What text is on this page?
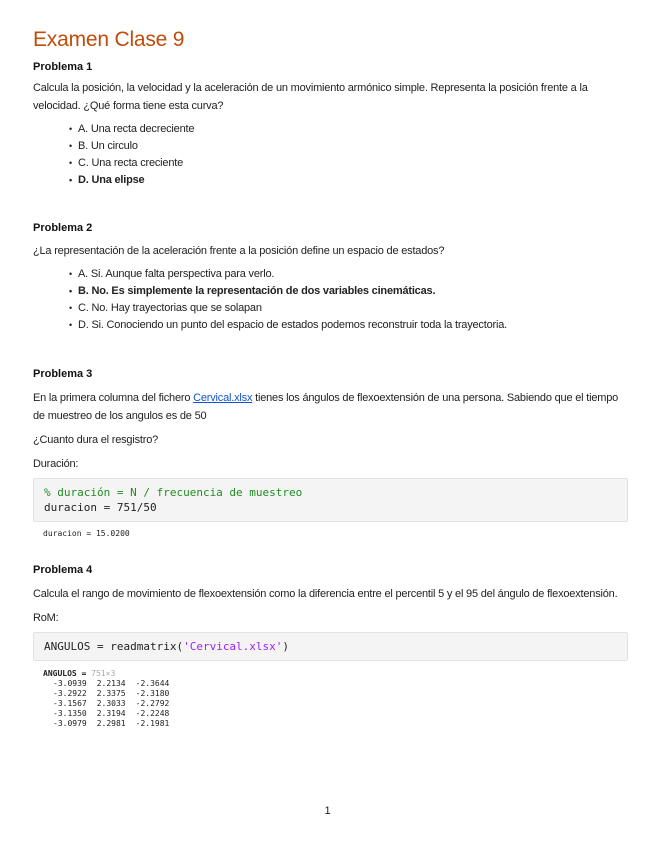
Examen Clase 9
Problema 1

Calcula la posición, la velocidad y la aceleración de un movimiento armónico simple. Representa la posición frente a la velocidad. ¿Qué forma tiene esta curva?

• A. Una recta decreciente
• B. Un circulo
• C. Una recta creciente
• D. Una elipse
Problema 2

¿La representación de la aceleración frente a la posición define un espacio de estados?

• A. Si. Aunque falta perspectiva para verlo.
• B. No. Es simplemente la representación de dos variables cinemáticas.
• C. No. Hay trayectorias que se solapan
• D. Si. Conociendo un punto del espacio de estados podemos reconstruir toda la trayectoria.
Problema 3

En la primera columna del fichero Cervical.xlsx tienes los ángulos de flexoextensión de una persona. Sabiendo que el tiempo de muestreo de los angulos es de 50

¿Cuanto dura el resgistro?

Duración:

% duración = N / frecuencia de muestreo
duracion = 751/50
duracion = 15.0200
Problema 4

Calcula el rango de movimiento de flexoextensión como la diferencia entre el percentil 5 y el 95 del ángulo de flexoextensión.

RoM:

ANGULOS = readmatrix('Cervical.xlsx')
ANGULOS = 751×3
-3.0939	2.2134	-2.3644
-3.2922	2.3375	-2.3180
-3.1567	2.3033	-2.2792
-3.1350	2.3194	-2.2248
-3.0979	2.2981	-2.1981
1
